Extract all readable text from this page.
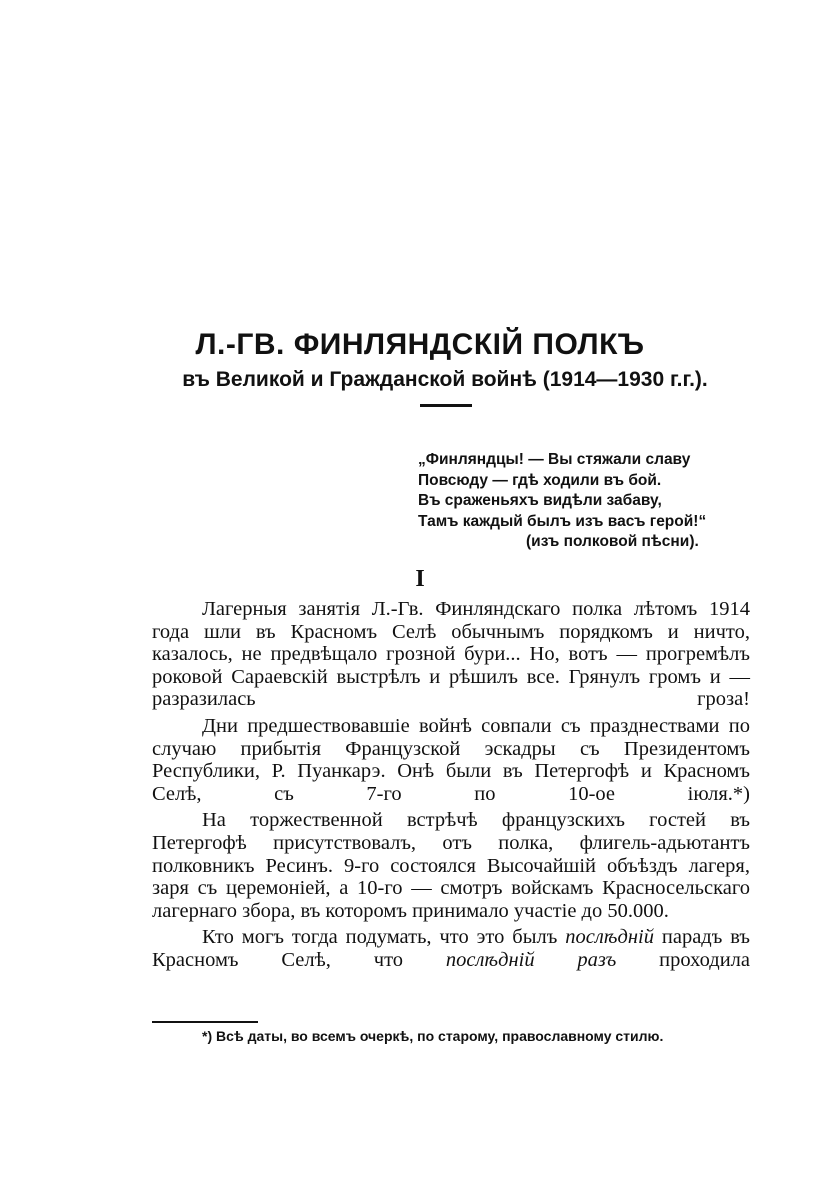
Л.-ГВ. ФИНЛЯНДСКІЙ ПОЛКЪ
въ Великой и Гражданской войнѣ (1914—1930 г.г.).
„Финляндцы! — Вы стяжали славу
Повсюду — гдѣ ходили въ бой.
Въ сраженьяхъ видѣли забаву,
Тамъ каждый былъ изъ васъ герой!“
(изъ полковой пѣсни).
I

Лагерныя занятія Л.-Гв. Финляндскаго полка лѣтомъ 1914 года шли въ Красномъ Селѣ обычнымъ порядкомъ и ничто, казалось, не предвѣщало грозной бури... Но, вотъ — прогремѣлъ роковой Сараевскій выстрѣлъ и рѣшилъ все. Грянулъ громъ и — разразилась гроза!

Дни предшествовавшіе войнѣ совпали съ празднествами по случаю прибытія Французской эскадры съ Президентомъ Республики, Р. Пуанкарэ. Онѣ были въ Петергофѣ и Красномъ Селѣ, съ 7-го по 10-ое іюля.*)

На торжественной встрѣчѣ французскихъ гостей въ Петергофѣ присутствовалъ, отъ полка, флигель-адьютантъ полковникъ Ресинъ. 9-го состоялся Высочайшій объѣздъ лагеря, заря съ церемоніей, а 10-го — смотръ войскамъ Красносельскаго лагернаго збора, въ которомъ принимало участіе до 50.000.

Кто могъ тогда подумать, что это былъ послѣдній парадъ въ Красномъ Селѣ, что послѣдній разъ проходила

*) Всѣ даты, во всемъ очеркѣ, по старому, православному стилю.
